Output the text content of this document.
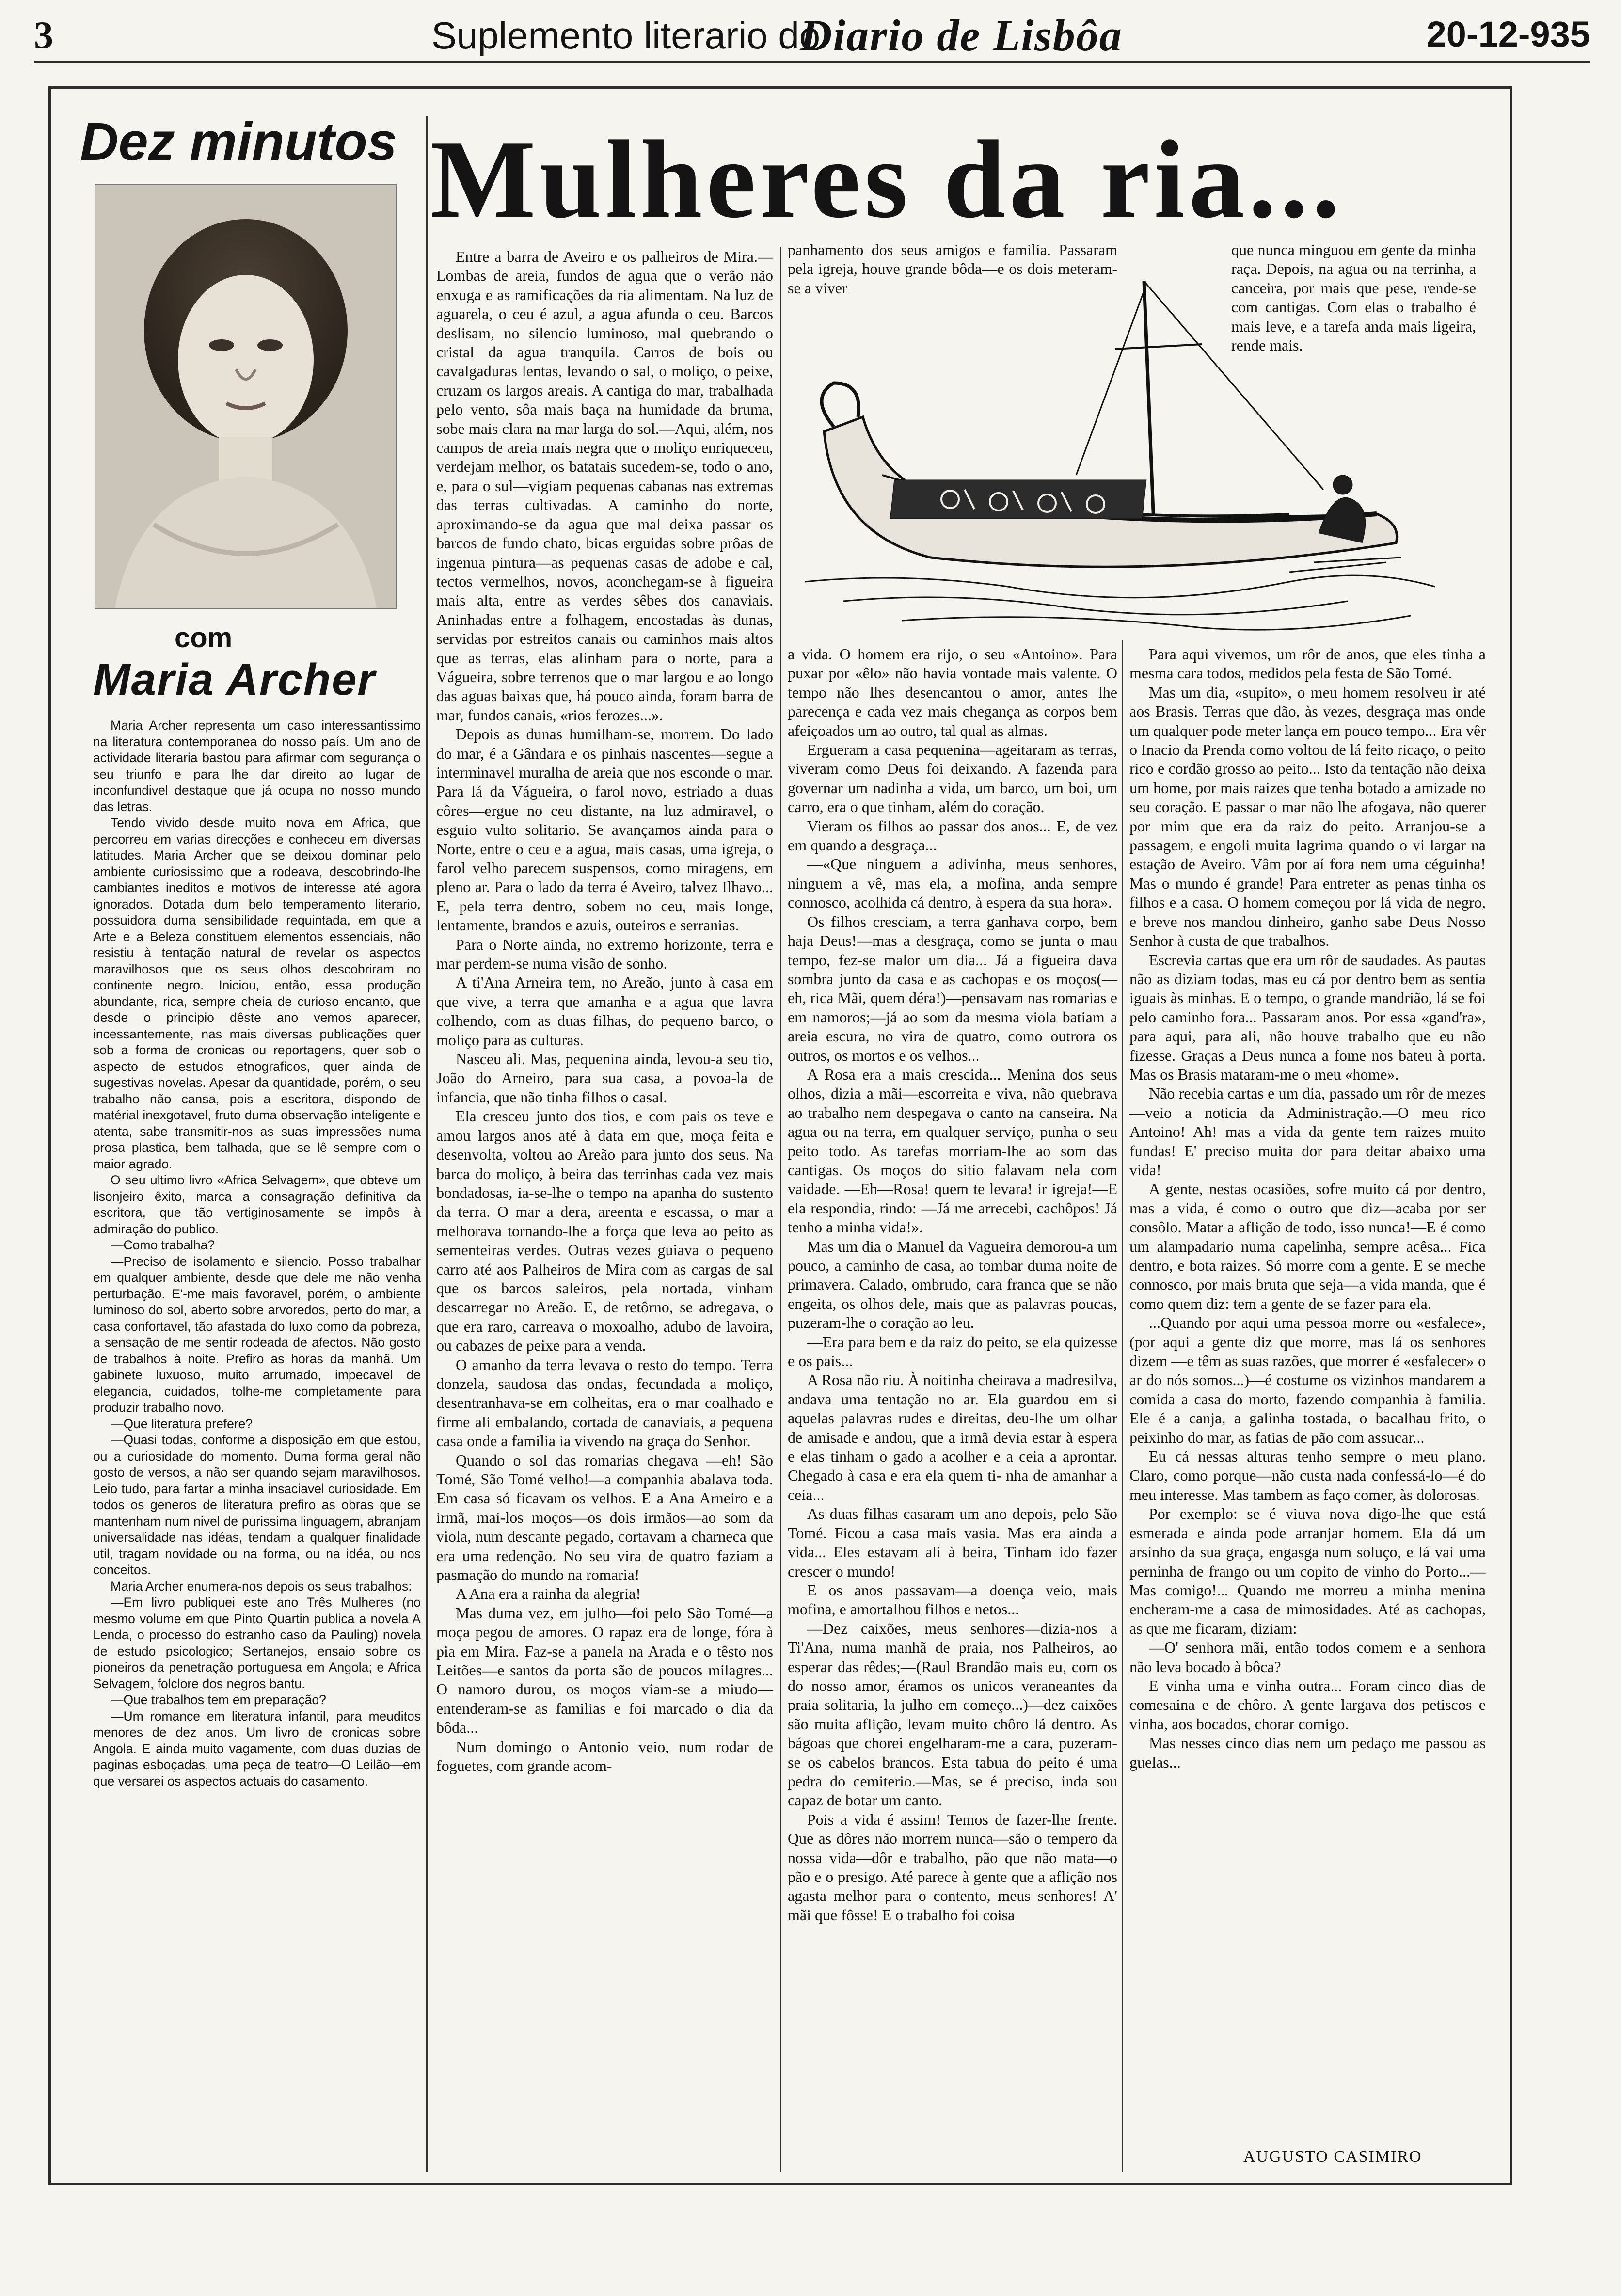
3	Suplemento literario do
Diario de Lisbôa	20-12-935
Dez minutos
com
Maria Archer

Maria Archer representa um caso interessantissimo na literatura contemporanea do nosso país. Um ano de actividade literaria bastou para afirmar com segurança o seu triunfo e para lhe dar direito ao lugar de inconfundivel destaque que já ocupa no nosso mundo das letras.

Tendo vivido desde muito nova em Africa, que percorreu em varias direcções e conheceu em diversas latitudes, Maria Archer que se deixou dominar pelo ambiente curiosissimo que a rodeava, descobrindo-lhe cambiantes ineditos e motivos de interesse até agora ignorados. Dotada dum belo temperamento literario, possuidora duma sensibilidade requintada, em que a Arte e a Beleza constituem elementos essenciais, não resistiu à tentação natural de revelar os aspectos maravilhosos que os seus olhos descobriram no continente negro. Iniciou, então, essa produção abundante, rica, sempre cheia de curioso encanto, que desde o principio dêste ano vemos aparecer, incessantemente, nas mais diversas publicações quer sob a forma de cronicas ou reportagens, quer sob o aspecto de estudos etnograficos, quer ainda de sugestivas novelas. Apesar da quantidade, porém, o seu trabalho não cansa, pois a escritora, dispondo de matérial inexgotavel, fruto duma observação inteligente e atenta, sabe transmitir-nos as suas impressões numa prosa plastica, bem talhada, que se lê sempre com o maior agrado.

O seu ultimo livro «Africa Selvagem», que obteve um lisonjeiro êxito, marca a consagração definitiva da escritora, que tão vertiginosamente se impôs à admiração do publico.

—Como trabalha?

—Preciso de isolamento e silencio. Posso trabalhar em qualquer ambiente, desde que dele me não venha perturbação. E'-me mais favoravel, porém, o ambiente luminoso do sol, aberto sobre arvoredos, perto do mar, a casa confortavel, tão afastada do luxo como da pobreza, a sensação de me sentir rodeada de afectos. Não gosto de trabalhos à noite. Prefiro as horas da manhã. Um gabinete luxuoso, muito arrumado, impecavel de elegancia, cuidados, tolhe-me completamente para produzir trabalho novo.

—Que literatura prefere?

—Quasi todas, conforme a disposição em que estou, ou a curiosidade do momento. Duma forma geral não gosto de versos, a não ser quando sejam maravilhosos. Leio tudo, para fartar a minha insaciavel curiosidade. Em todos os generos de literatura prefiro as obras que se mantenham num nivel de purissima linguagem, abranjam universalidade nas idéas, tendam a qualquer finalidade util, tragam novidade ou na forma, ou na idéa, ou nos conceitos.

Maria Archer enumera-nos depois os seus trabalhos:

—Em livro publiquei este ano Três Mulheres (no mesmo volume em que Pinto Quartin publica a novela A Lenda, o processo do estranho caso da Pauling) novela de estudo psicologico; Sertanejos, ensaio sobre os pioneiros da penetração portuguesa em Angola; e Africa Selvagem, folclore dos negros bantu.

—Que trabalhos tem em preparação?

—Um romance em literatura infantil, para meuditos menores de dez anos. Um livro de cronicas sobre Angola. E ainda muito vagamente, com duas duzias de paginas esboçadas, uma peça de teatro—O Leilão—em que versarei os aspectos actuais do casamento.

Mulheres da ria...

Entre a barra de Aveiro e os palheiros de Mira.—Lombas de areia, fundos de agua que o verão não enxuga e as ramificações da ria alimentam. Na luz de aguarela, o ceu é azul, a agua afunda o ceu. Barcos deslisam, no silencio luminoso, mal quebrando o cristal da agua tranquila. Carros de bois ou cavalgaduras lentas, levando o sal, o moliço, o peixe, cruzam os largos areais. A cantiga do mar, trabalhada pelo vento, sôa mais baça na humidade da bruma, sobe mais clara na mar larga do sol.—Aqui, além, nos campos de areia mais negra que o moliço enriqueceu, verdejam melhor, os batatais sucedem-se, todo o ano, e, para o sul—vigiam pequenas cabanas nas extremas das terras cultivadas. A caminho do norte, aproximando-se da agua que mal deixa passar os barcos de fundo chato, bicas erguidas sobre prôas de ingenua pintura—as pequenas casas de adobe e cal, tectos vermelhos, novos, aconchegam-se à figueira mais alta, entre as verdes sêbes dos canaviais. Aninhadas entre a folhagem, encostadas às dunas, servidas por estreitos canais ou caminhos mais altos que as terras, elas alinham para o norte, para a Vágueira, sobre terrenos que o mar largou e ao longo das aguas baixas que, há pouco ainda, foram barra de mar, fundos canais, «rios ferozes...».

Depois as dunas humilham-se, morrem. Do lado do mar, é a Gândara e os pinhais nascentes—segue a interminavel muralha de areia que nos esconde o mar. Para lá da Vágueira, o farol novo, estriado a duas côres—ergue no ceu distante, na luz admiravel, o esguio vulto solitario. Se avançamos ainda para o Norte, entre o ceu e a agua, mais casas, uma igreja, o farol velho parecem suspensos, como miragens, em pleno ar. Para o lado da terra é Aveiro, talvez Ilhavo... E, pela terra dentro, sobem no ceu, mais longe, lentamente, brandos e azuis, outeiros e serranias.

Para o Norte ainda, no extremo horizonte, terra e mar perdem-se numa visão de sonho.

A ti'Ana Arneira tem, no Areão, junto à casa em que vive, a terra que amanha e a agua que lavra colhendo, com as duas filhas, do pequeno barco, o moliço para as culturas.

Nasceu ali. Mas, pequenina ainda, levou-a seu tio, João do Arneiro, para sua casa, a povoa-la de infancia, que não tinha filhos o casal.

Ela cresceu junto dos tios, e com pais os teve e amou largos anos até à data em que, moça feita e desenvolta, voltou ao Areão para junto dos seus. Na barca do moliço, à beira das terrinhas cada vez mais bondadosas, ia-se-lhe o tempo na apanha do sustento da terra. O mar a dera, areenta e escassa, o mar a melhorava tornando-lhe a força que leva ao peito as sementeiras verdes. Outras vezes guiava o pequeno carro até aos Palheiros de Mira com as cargas de sal que os barcos saleiros, pela nortada, vinham descarregar no Areão. E, de retôrno, se adregava, o que era raro, carreava o moxoalho, adubo de lavoira, ou cabazes de peixe para a venda.

O amanho da terra levava o resto do tempo. Terra donzela, saudosa das ondas, fecundada a moliço, desentranhava-se em colheitas, era o mar coalhado e firme ali embalando, cortada de canaviais, a pequena casa onde a familia ia vivendo na graça do Senhor.

Quando o sol das romarias chegava —eh! São Tomé, São Tomé velho!—a companhia abalava toda. Em casa só ficavam os velhos. E a Ana Arneiro e a irmã, mai-los moços—os dois irmãos—ao som da viola, num descante pegado, cortavam a charneca que era uma redenção. No seu vira de quatro faziam a pasmação do mundo na romaria!

A Ana era a rainha da alegria!

Mas duma vez, em julho—foi pelo São Tomé—a moça pegou de amores. O rapaz era de longe, fóra à pia em Mira. Faz-se a panela na Arada e o têsto nos Leitões—e santos da porta são de poucos milagres... O namoro durou, os moços viam-se a miudo—entenderam-se as familias e foi marcado o dia da bôda...

Num domingo o Antonio veio, num rodar de foguetes, com grande acom-

panhamento dos seus amigos e familia. Passaram pela igreja, houve grande bôda—e os dois meteram-se a viver

a vida. O homem era rijo, o seu «Antoino». Para puxar por «êlo» não havia vontade mais valente. O tempo não lhes desencantou o amor, antes lhe parecença e cada vez mais chegança as corpos bem afeiçoados um ao outro, tal qual as almas.

Ergueram a casa pequenina—ageitaram as terras, viveram como Deus foi deixando. A fazenda para governar um nadinha a vida, um barco, um boi, um carro, era o que tinham, além do coração.

Vieram os filhos ao passar dos anos... E, de vez em quando a desgraça...

—«Que ninguem a adivinha, meus senhores, ninguem a vê, mas ela, a mofina, anda sempre connosco, acolhida cá dentro, à espera da sua hora».

Os filhos cresciam, a terra ganhava corpo, bem haja Deus!—mas a desgraça, como se junta o mau tempo, fez-se malor um dia... Já a figueira dava sombra junto da casa e as cachopas e os moços(—eh, rica Mãi, quem déra!)—pensavam nas romarias e em namoros;—já ao som da mesma viola batiam a areia escura, no vira de quatro, como outrora os outros, os mortos e os velhos...

A Rosa era a mais crescida... Menina dos seus olhos, dizia a mãi—escorreita e viva, não quebrava ao trabalho nem despegava o canto na canseira. Na agua ou na terra, em qualquer serviço, punha o seu peito todo. As tarefas morriam-lhe ao som das cantigas. Os moços do sitio falavam nela com vaidade. —Eh—Rosa! quem te levara! ir igreja!—E ela respondia, rindo: —Já me arrecebi, cachôpos! Já tenho a minha vida!».

Mas um dia o Manuel da Vagueira demorou-a um pouco, a caminho de casa, ao tombar duma noite de primavera. Calado, ombrudo, cara franca que se não engeita, os olhos dele, mais que as palavras poucas, puzeram-lhe o coração ao leu.

—Era para bem e da raiz do peito, se ela quizesse e os pais...

A Rosa não riu. À noitinha cheirava a madresilva, andava uma tentação no ar. Ela guardou em si aquelas palavras rudes e direitas, deu-lhe um olhar de amisade e andou, que a irmã devia estar à espera e elas tinham o gado a acolher e a ceia a aprontar. Chegado à casa e era ela quem ti- nha de amanhar a ceia...

As duas filhas casaram um ano depois, pelo São Tomé. Ficou a casa mais vasia. Mas era ainda a vida... Eles estavam ali à beira, Tinham ido fazer crescer o mundo!

E os anos passavam—a doença veio, mais mofina, e amortalhou filhos e netos...

—Dez caixões, meus senhores—dizia-nos a Ti'Ana, numa manhã de praia, nos Palheiros, ao esperar das rêdes;—(Raul Brandão mais eu, com os do nosso amor, éramos os unicos veraneantes da praia solitaria, la julho em começo...)—dez caixões são muita aflição, levam muito chôro lá dentro. As bágoas que chorei engelharam-me a cara, puzeram-se os cabelos brancos. Esta tabua do peito é uma pedra do cemiterio.—Mas, se é preciso, inda sou capaz de botar um canto.

Pois a vida é assim! Temos de fazer-lhe frente. Que as dôres não morrem nunca—são o tempero da nossa vida—dôr e trabalho, pão que não mata—o pão e o presigo. Até parece à gente que a aflição nos agasta melhor para o contento, meus senhores! A' mãi que fôsse! E o trabalho foi coisa

que nunca minguou em gente da minha raça. Depois, na agua ou na terrinha, a canceira, por mais que pese, rende-se com cantigas. Com elas o trabalho é mais leve, e a tarefa anda mais ligeira, rende mais.

Para aqui vivemos, um rôr de anos, que eles tinha a mesma cara todos, medidos pela festa de São Tomé.

Mas um dia, «supito», o meu homem resolveu ir até aos Brasis. Terras que dão, às vezes, desgraça mas onde um qualquer pode meter lança em pouco tempo... Era vêr o Inacio da Prenda como voltou de lá feito ricaço, o peito rico e cordão grosso ao peito... Isto da tentação não deixa um home, por mais raizes que tenha botado a amizade no seu coração. E passar o mar não lhe afogava, não querer por mim que era da raiz do peito. Arranjou-se a passagem, e engoli muita lagrima quando o vi largar na estação de Aveiro. Vâm por aí fora nem uma céguinha! Mas o mundo é grande! Para entreter as penas tinha os filhos e a casa. O homem começou por lá vida de negro, e breve nos mandou dinheiro, ganho sabe Deus Nosso Senhor à custa de que trabalhos.

Escrevia cartas que era um rôr de saudades. As pautas não as diziam todas, mas eu cá por dentro bem as sentia iguais às minhas. E o tempo, o grande mandrião, lá se foi pelo caminho fora... Passaram anos. Por essa «gand'ra», para aqui, para ali, não houve trabalho que eu não fizesse. Graças a Deus nunca a fome nos bateu à porta. Mas os Brasis mataram-me o meu «home».

Não recebia cartas e um dia, passado um rôr de mezes—veio a noticia da Administração.—O meu rico Antoino! Ah! mas a vida da gente tem raizes muito fundas! E' preciso muita dor para deitar abaixo uma vida!

A gente, nestas ocasiões, sofre muito cá por dentro, mas a vida, é como o outro que diz—acaba por ser consôlo. Matar a aflição de todo, isso nunca!—E é como um alampadario numa capelinha, sempre acêsa... Fica dentro, e bota raizes. Só morre com a gente. E se meche connosco, por mais bruta que seja—a vida manda, que é como quem diz: tem a gente de se fazer para ela.

...Quando por aqui uma pessoa morre ou «esfalece», (por aqui a gente diz que morre, mas lá os senhores dizem —e têm as suas razões, que morrer é «esfalecer» o ar do nós somos...)—é costume os vizinhos mandarem a comida a casa do morto, fazendo companhia à familia. Ele é a canja, a galinha tostada, o bacalhau frito, o peixinho do mar, as fatias de pão com assucar...

Eu cá nessas alturas tenho sempre o meu plano. Claro, como porque—não custa nada confessá-lo—é do meu interesse. Mas tambem as faço comer, às dolorosas.

Por exemplo: se é viuva nova digo-lhe que está esmerada e ainda pode arranjar homem. Ela dá um arsinho da sua graça, engasga num soluço, e lá vai uma perninha de frango ou um copito de vinho do Porto...—Mas comigo!... Quando me morreu a minha menina encheram-me a casa de mimosidades. Até as cachopas, as que me ficaram, diziam:

—O' senhora mãi, então todos comem e a senhora não leva bocado à bôca?

E vinha uma e vinha outra... Foram cinco dias de comesaina e de chôro. A gente largava dos petiscos e vinha, aos bocados, chorar comigo.

Mas nesses cinco dias nem um pedaço me passou as guelas...

AUGUSTO CASIMIRO
